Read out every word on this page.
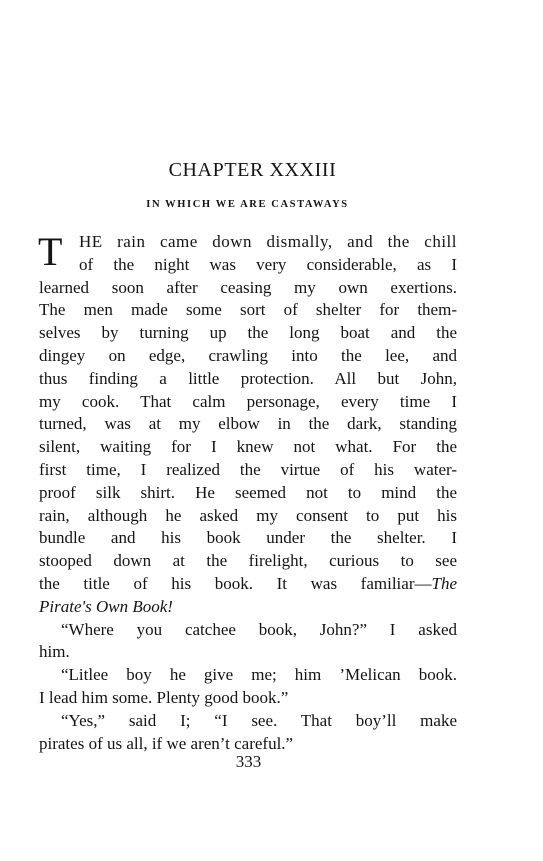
CHAPTER XXXIII
IN WHICH WE ARE CASTAWAYS
T HE rain came down dismally, and the chill
of the night was very considerable, as I
learned soon after ceasing my own exertions.
The men made some sort of shelter for them-
selves by turning up the long boat and the
dingey on edge, crawling into the lee, and
thus finding a little protection. All but John,
my cook. That calm personage, every time I
turned, was at my elbow in the dark, standing
silent, waiting for I knew not what. For the
first time, I realized the virtue of his water-
proof silk shirt. He seemed not to mind the
rain, although he asked my consent to put his
bundle and his book under the shelter. I
stooped down at the firelight, curious to see
the title of his book. It was familiar—The
Pirate's Own Book!
“Where you catchee book, John?” I asked
him.
“Litlee boy he give me; him ’Melican book.
I lead him some. Plenty good book.”
“Yes,” said I; “I see. That boy’ll make
pirates of us all, if we aren’t careful.”
333
